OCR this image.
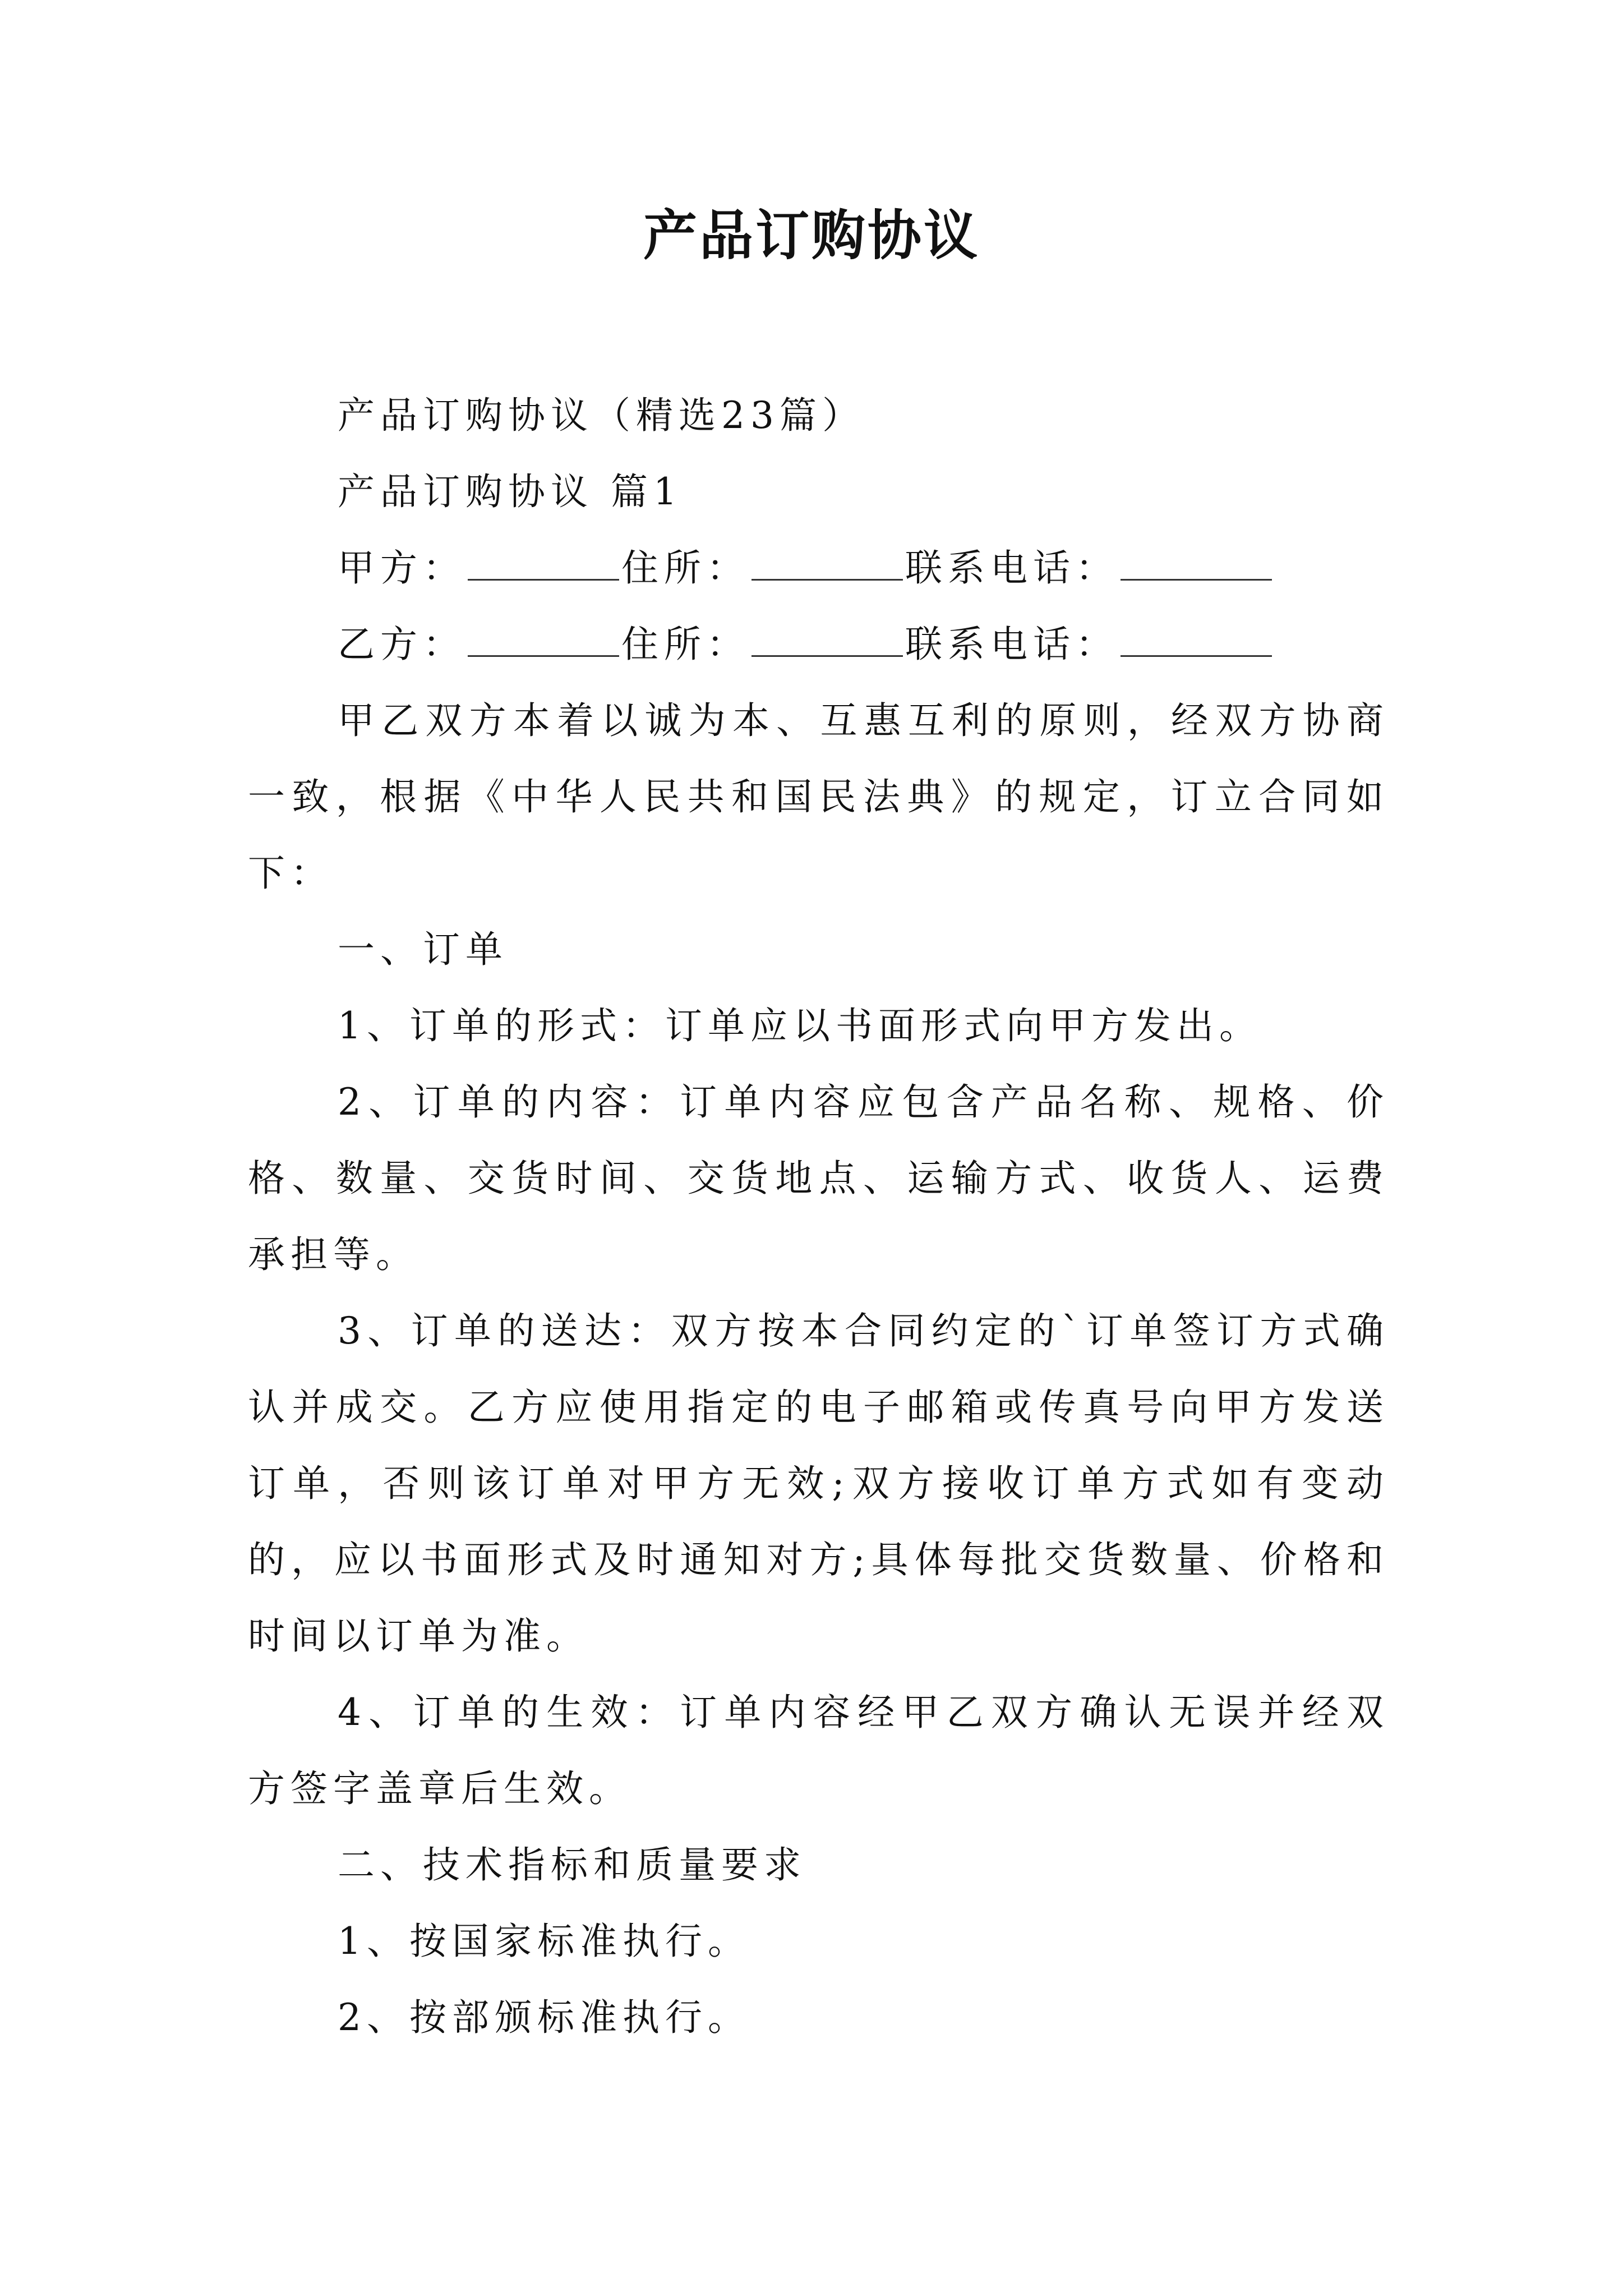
产品订购协议

产品订购协议（精选23篇）

产品订购协议 篇1

甲方：	住所：	联系电话：

乙方：	住所：	联系电话：

甲乙双方本着以诚为本、互惠互利的原则，经双方协商一致，根据《中华人民共和国民法典》的规定，订立合同如下：

一、订单

1、订单的形式：订单应以书面形式向甲方发出。

2、订单的内容：订单内容应包含产品名称、规格、价格、数量、交货时间、交货地点、运输方式、收货人、运费承担等。

3、订单的送达：双方按本合同约定的`订单签订方式确认并成交。乙方应使用指定的电子邮箱或传真号向甲方发送订单，否则该订单对甲方无效;双方接收订单方式如有变动的，应以书面形式及时通知对方;具体每批交货数量、价格和时间以订单为准。

4、订单的生效：订单内容经甲乙双方确认无误并经双方签字盖章后生效。

二、技术指标和质量要求

1、按国家标准执行。

2、按部颁标准执行。
